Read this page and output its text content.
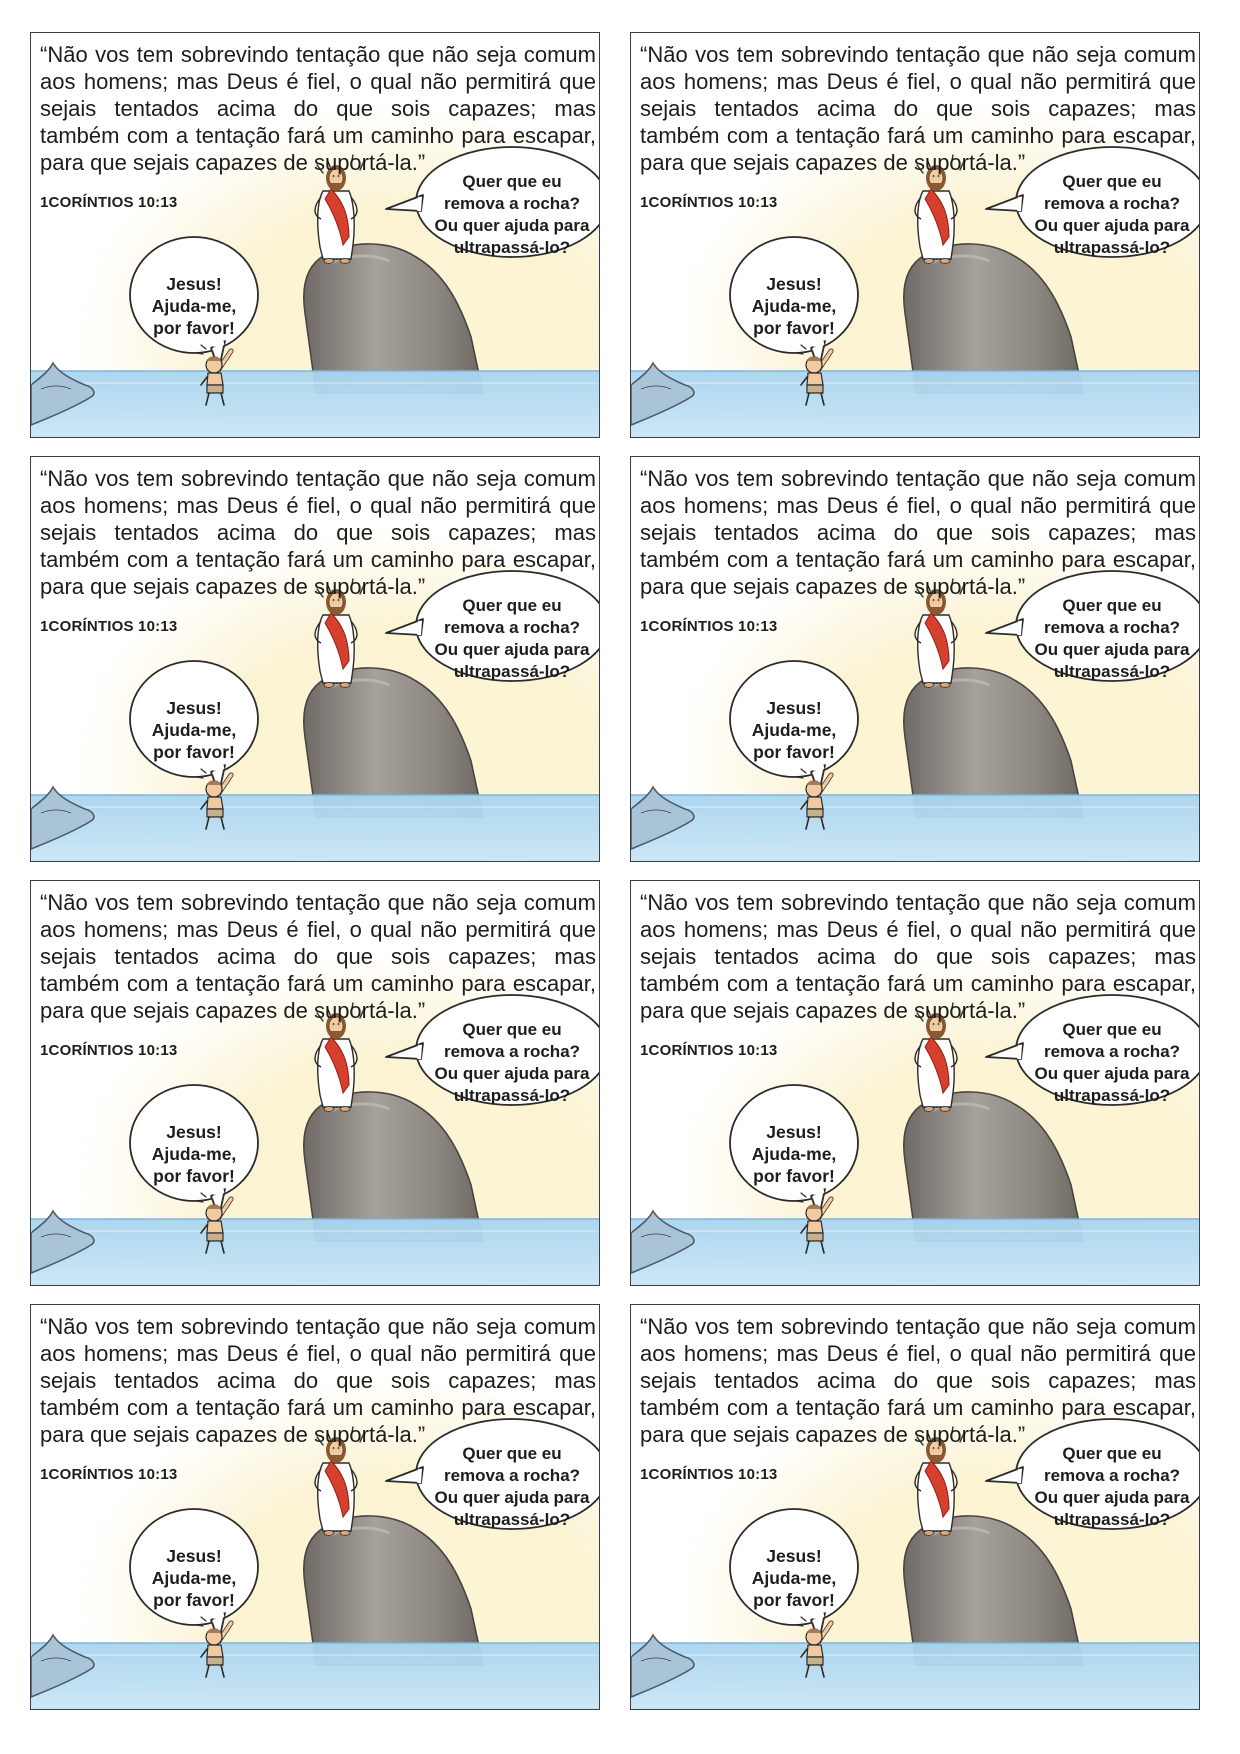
“Não vos tem sobrevindo tentação que não seja comum aos homens; mas Deus é fiel, o qual não permitirá que sejais tentados acima do que sois capazes; mas também com a tentação fará um caminho para escapar, para que sejais capazes de suportá-la.”

1CORÍNTIOS 10:13

Quer que eu
remova a rocha?
Ou quer ajuda para
ultrapassá-lo?
Jesus!
Ajuda-me,
por favor!

“Não vos tem sobrevindo tentação que não seja comum aos homens; mas Deus é fiel, o qual não permitirá que sejais tentados acima do que sois capazes; mas também com a tentação fará um caminho para escapar, para que sejais capazes de suportá-la.”

1CORÍNTIOS 10:13

Quer que eu
remova a rocha?
Ou quer ajuda para
ultrapassá-lo?
Jesus!
Ajuda-me,
por favor!

“Não vos tem sobrevindo tentação que não seja comum aos homens; mas Deus é fiel, o qual não permitirá que sejais tentados acima do que sois capazes; mas também com a tentação fará um caminho para escapar, para que sejais capazes de suportá-la.”

1CORÍNTIOS 10:13

Quer que eu
remova a rocha?
Ou quer ajuda para
ultrapassá-lo?
Jesus!
Ajuda-me,
por favor!

“Não vos tem sobrevindo tentação que não seja comum aos homens; mas Deus é fiel, o qual não permitirá que sejais tentados acima do que sois capazes; mas também com a tentação fará um caminho para escapar, para que sejais capazes de suportá-la.”

1CORÍNTIOS 10:13

Quer que eu
remova a rocha?
Ou quer ajuda para
ultrapassá-lo?
Jesus!
Ajuda-me,
por favor!

“Não vos tem sobrevindo tentação que não seja comum aos homens; mas Deus é fiel, o qual não permitirá que sejais tentados acima do que sois capazes; mas também com a tentação fará um caminho para escapar, para que sejais capazes de suportá-la.”

1CORÍNTIOS 10:13

Quer que eu
remova a rocha?
Ou quer ajuda para
ultrapassá-lo?
Jesus!
Ajuda-me,
por favor!

“Não vos tem sobrevindo tentação que não seja comum aos homens; mas Deus é fiel, o qual não permitirá que sejais tentados acima do que sois capazes; mas também com a tentação fará um caminho para escapar, para que sejais capazes de suportá-la.”

1CORÍNTIOS 10:13

Quer que eu
remova a rocha?
Ou quer ajuda para
ultrapassá-lo?
Jesus!
Ajuda-me,
por favor!

“Não vos tem sobrevindo tentação que não seja comum aos homens; mas Deus é fiel, o qual não permitirá que sejais tentados acima do que sois capazes; mas também com a tentação fará um caminho para escapar, para que sejais capazes de suportá-la.”

1CORÍNTIOS 10:13

Quer que eu
remova a rocha?
Ou quer ajuda para
ultrapassá-lo?
Jesus!
Ajuda-me,
por favor!

“Não vos tem sobrevindo tentação que não seja comum aos homens; mas Deus é fiel, o qual não permitirá que sejais tentados acima do que sois capazes; mas também com a tentação fará um caminho para escapar, para que sejais capazes de suportá-la.”

1CORÍNTIOS 10:13

Quer que eu
remova a rocha?
Ou quer ajuda para
ultrapassá-lo?
Jesus!
Ajuda-me,
por favor!
